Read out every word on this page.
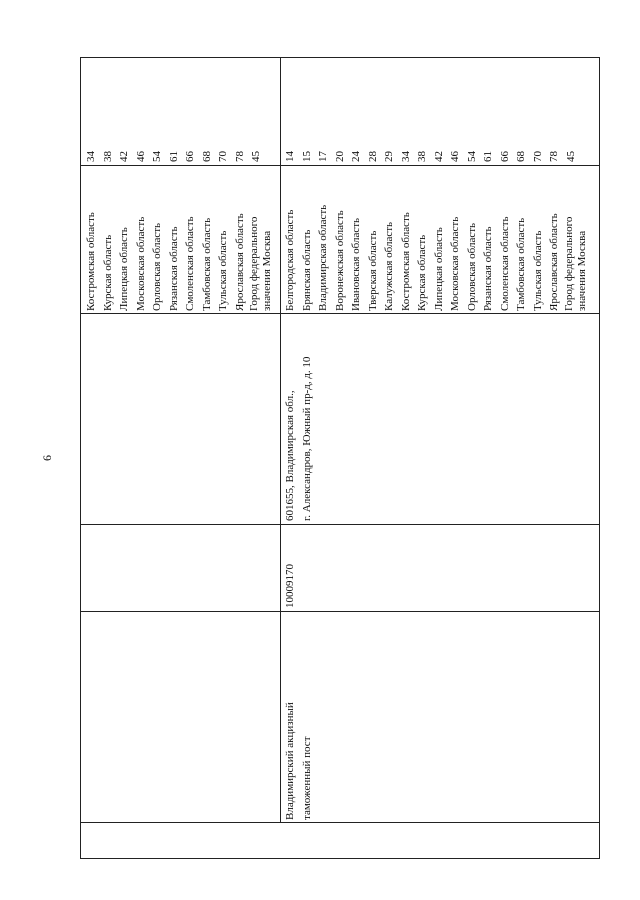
6
Костромская область Курская область Липецкая область Московская область Орловская область Рязанская область Смоленская область Тамбовская область Тульская область Ярославская область Город федерального значения Москва
34 38 42 46 54 61 66 68 70 78 45
Владимирский акцизный таможенный пост
10009170
601655, Владимирская обл., г. Александров, Южный пр-д, д. 10
Белгородская область Брянская область Владимирская область Воронежская область Ивановская область Тверская область Калужская область Костромская область Курская область Липецкая область Московская область Орловская область Рязанская область Смоленская область Тамбовская область Тульская область Ярославская область Город федерального значения Москва
14 15 17 20 24 28 29 34 38 42 46 54 61 66 68 70 78 45
